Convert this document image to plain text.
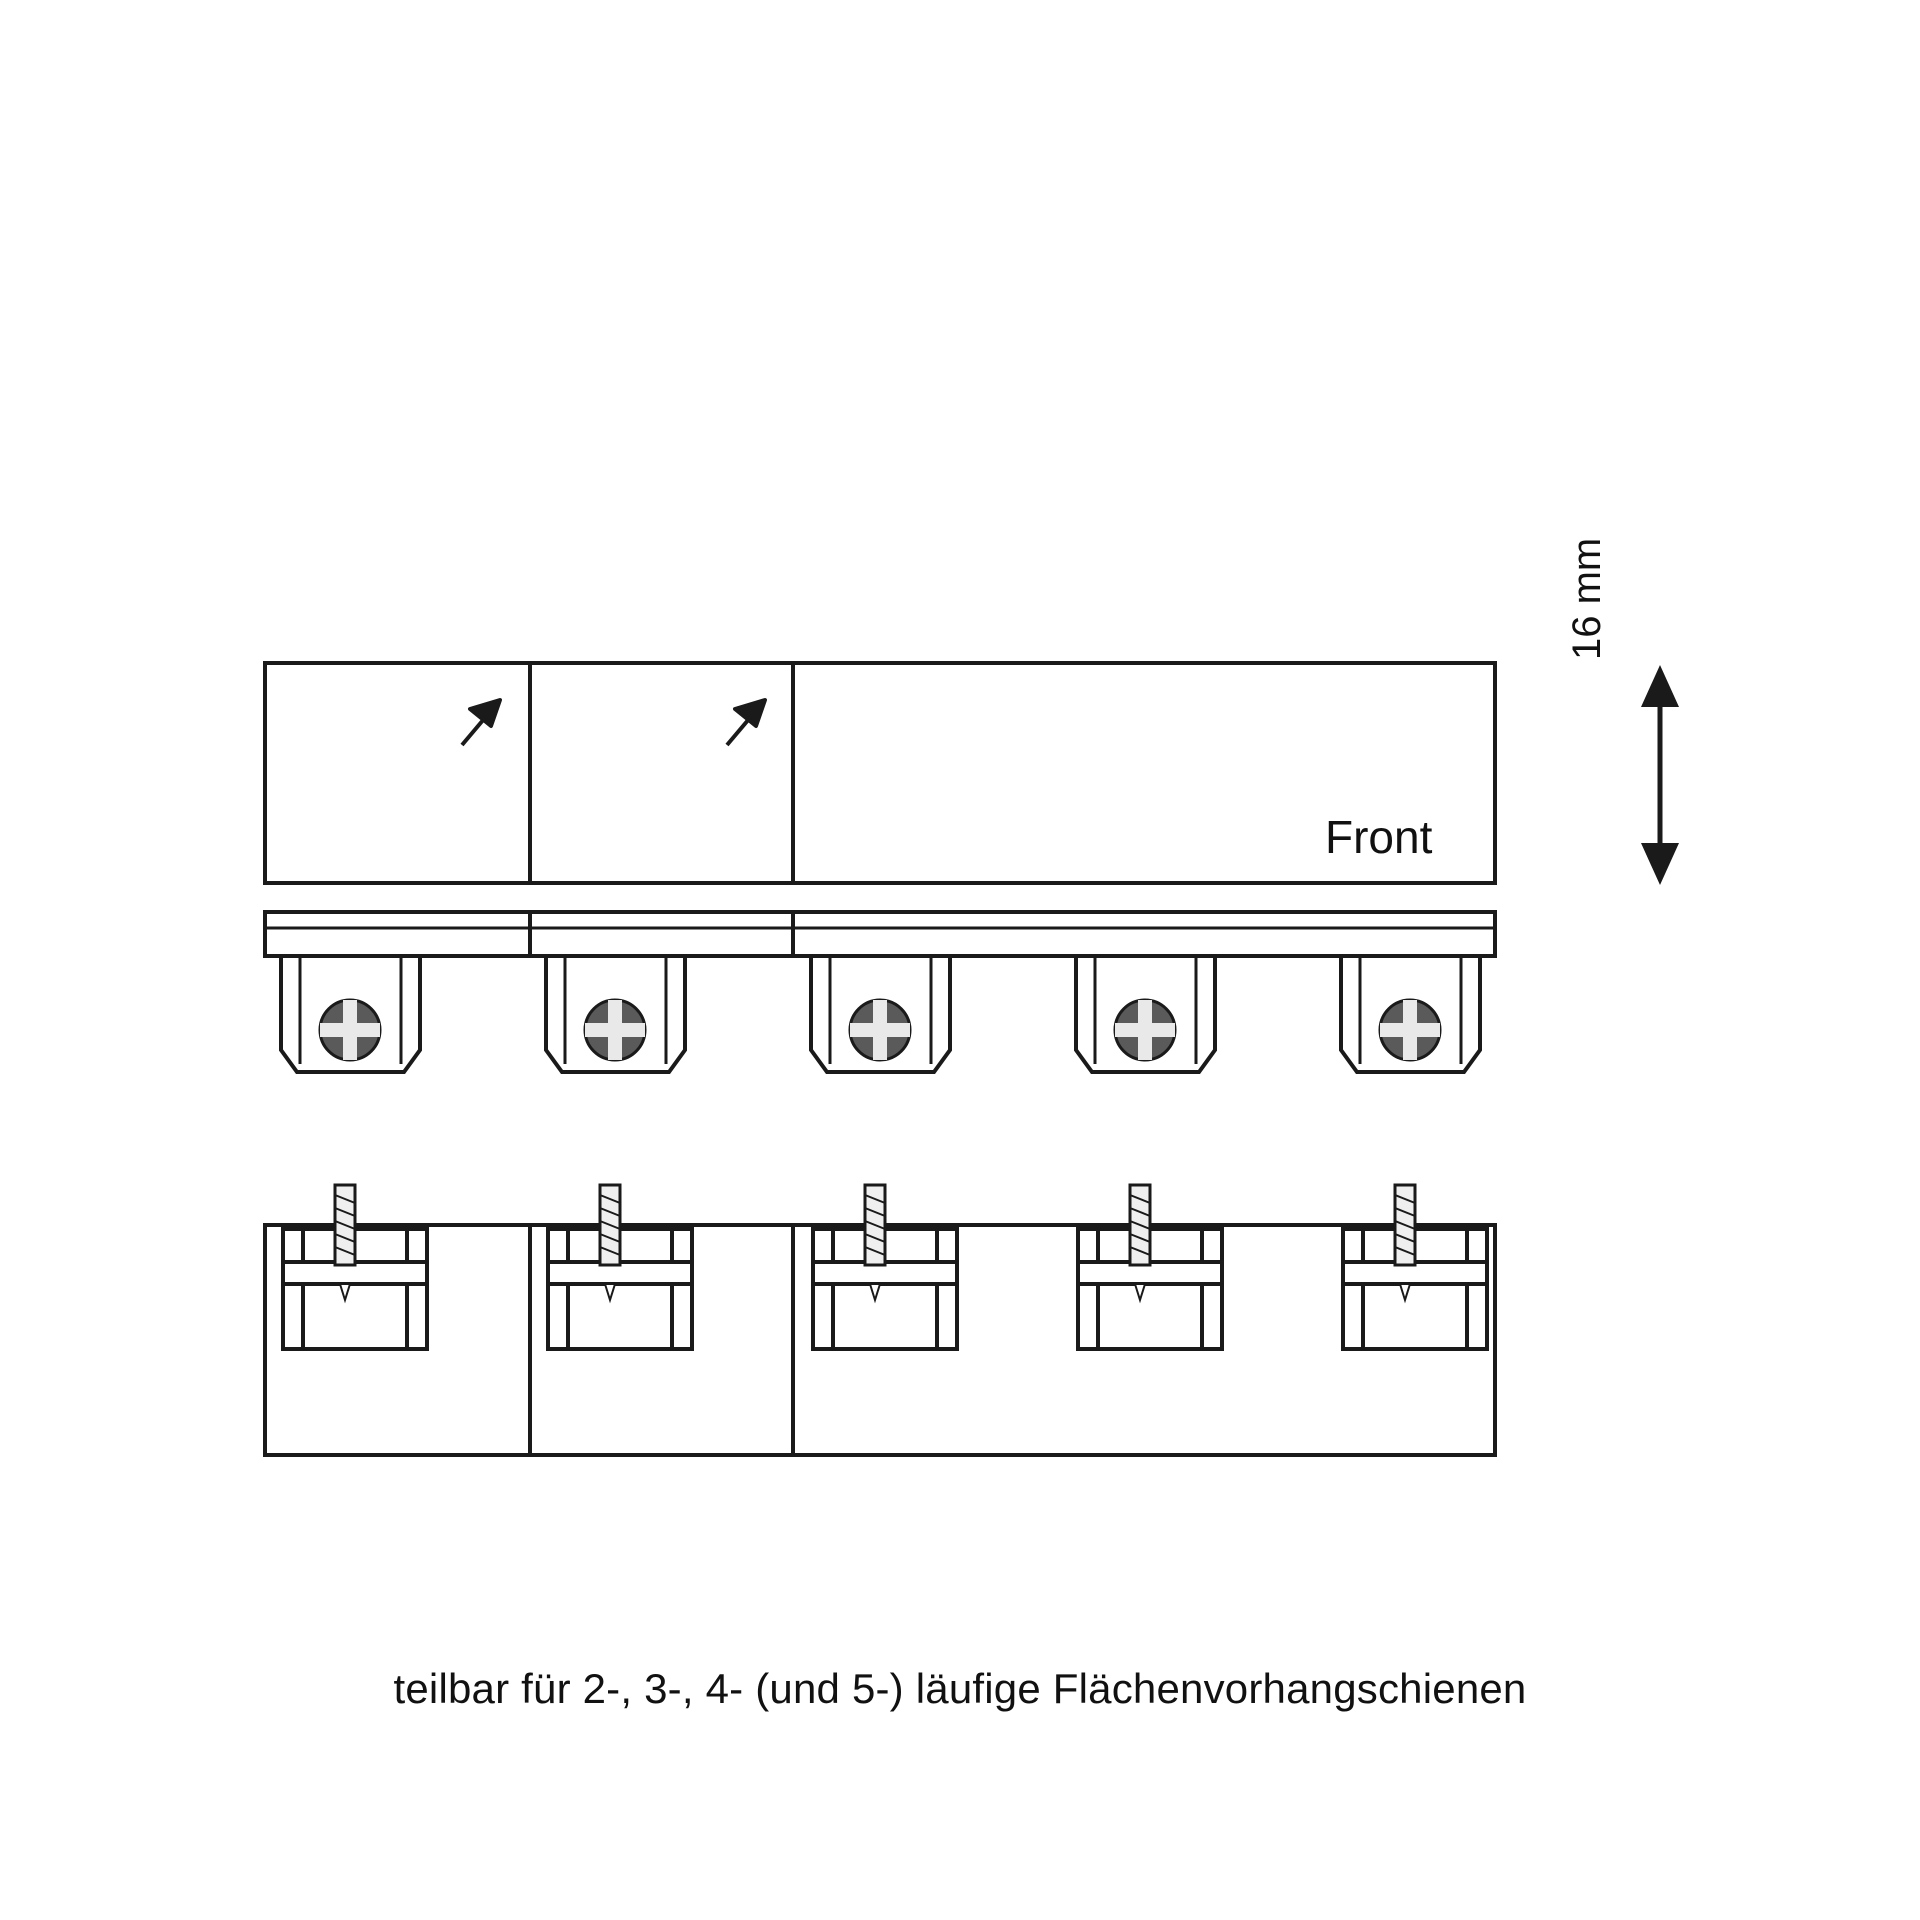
Front
16 mm
teilbar für 2-, 3-, 4- (und 5-) läufige Flächenvorhangschienen
